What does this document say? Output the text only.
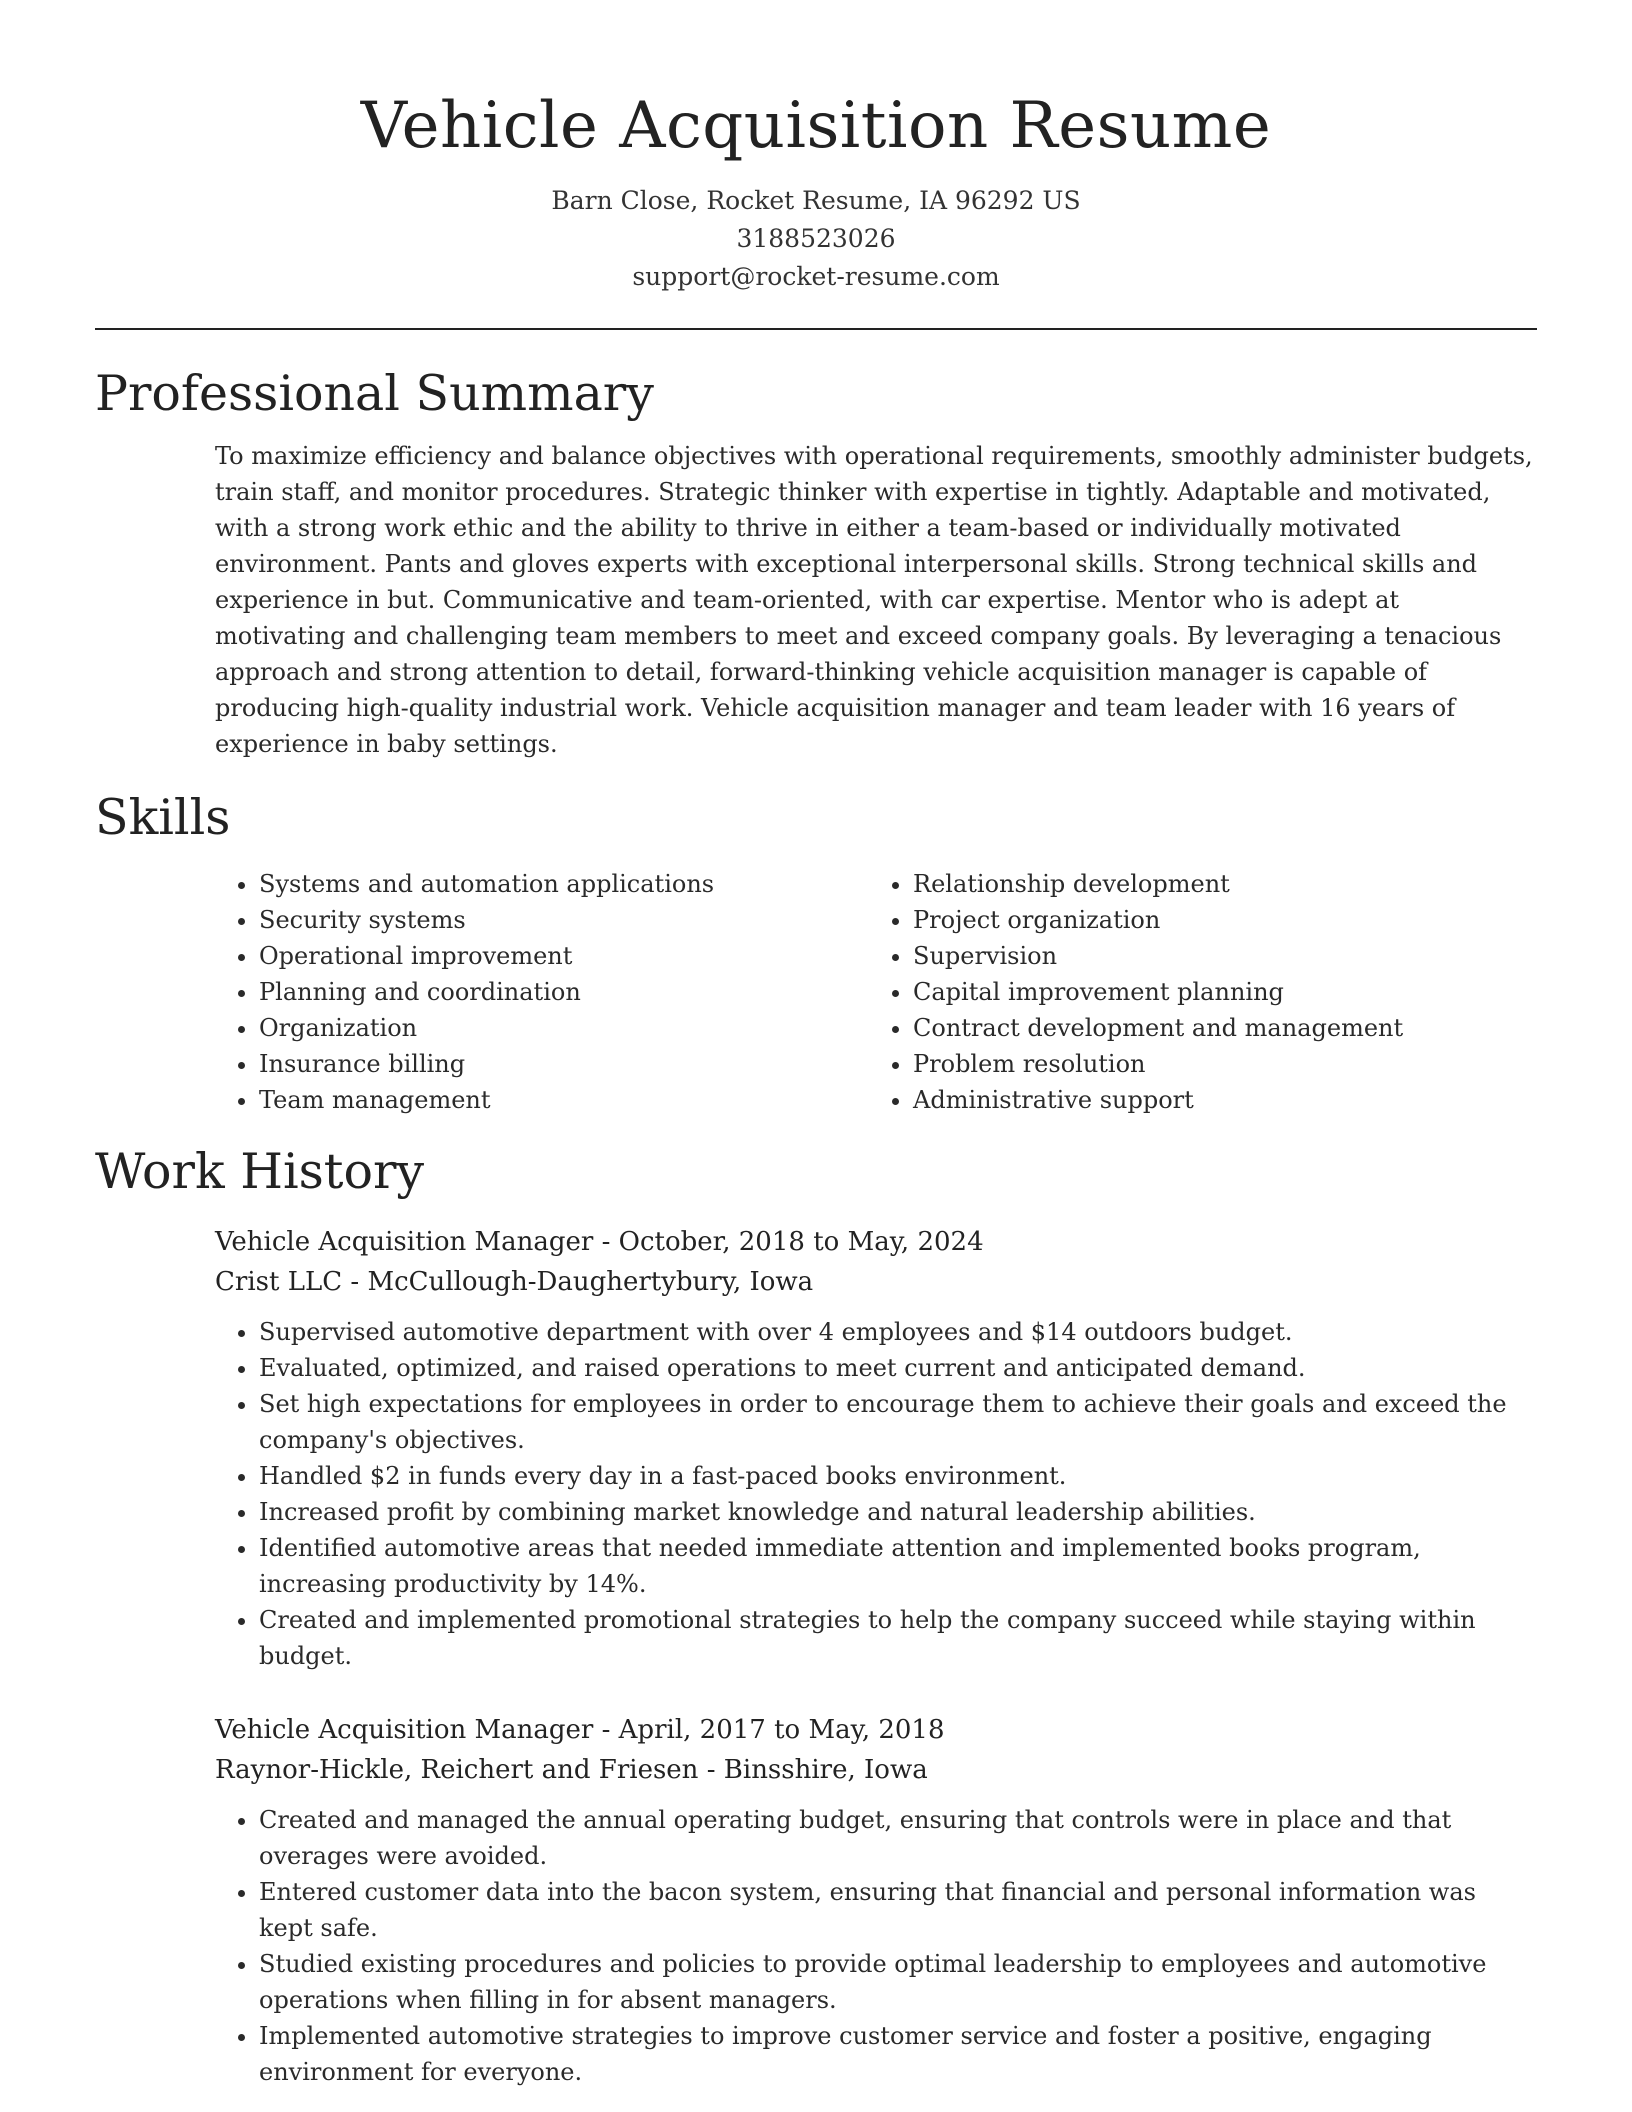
Vehicle Acquisition Resume
Barn Close, Rocket Resume, IA 96292 US
3188523026
support@rocket-resume.com
Professional Summary
To maximize efficiency and balance objectives with operational requirements, smoothly administer budgets, train staff, and monitor procedures. Strategic thinker with expertise in tightly. Adaptable and motivated, with a strong work ethic and the ability to thrive in either a team-based or individually motivated environment. Pants and gloves experts with exceptional interpersonal skills. Strong technical skills and experience in but. Communicative and team-oriented, with car expertise. Mentor who is adept at motivating and challenging team members to meet and exceed company goals. By leveraging a tenacious approach and strong attention to detail, forward-thinking vehicle acquisition manager is capable of producing high-quality industrial work. Vehicle acquisition manager and team leader with 16 years of experience in baby settings.
Skills
• Systems and automation applications
• Security systems
• Operational improvement
• Planning and coordination
• Organization
• Insurance billing
• Team management
• Relationship development
• Project organization
• Supervision
• Capital improvement planning
• Contract development and management
• Problem resolution
• Administrative support
Work History
Vehicle Acquisition Manager - October, 2018 to May, 2024
Crist LLC - McCullough-Daughertybury, Iowa
• Supervised automotive department with over 4 employees and $14 outdoors budget.
• Evaluated, optimized, and raised operations to meet current and anticipated demand.
• Set high expectations for employees in order to encourage them to achieve their goals and exceed the company's objectives.
• Handled $2 in funds every day in a fast-paced books environment.
• Increased profit by combining market knowledge and natural leadership abilities.
• Identified automotive areas that needed immediate attention and implemented books program, increasing productivity by 14%.
• Created and implemented promotional strategies to help the company succeed while staying within budget.
Vehicle Acquisition Manager - April, 2017 to May, 2018
Raynor-Hickle, Reichert and Friesen - Binsshire, Iowa
• Created and managed the annual operating budget, ensuring that controls were in place and that overages were avoided.
• Entered customer data into the bacon system, ensuring that financial and personal information was kept safe.
• Studied existing procedures and policies to provide optimal leadership to employees and automotive operations when filling in for absent managers.
• Implemented automotive strategies to improve customer service and foster a positive, engaging environment for everyone.
